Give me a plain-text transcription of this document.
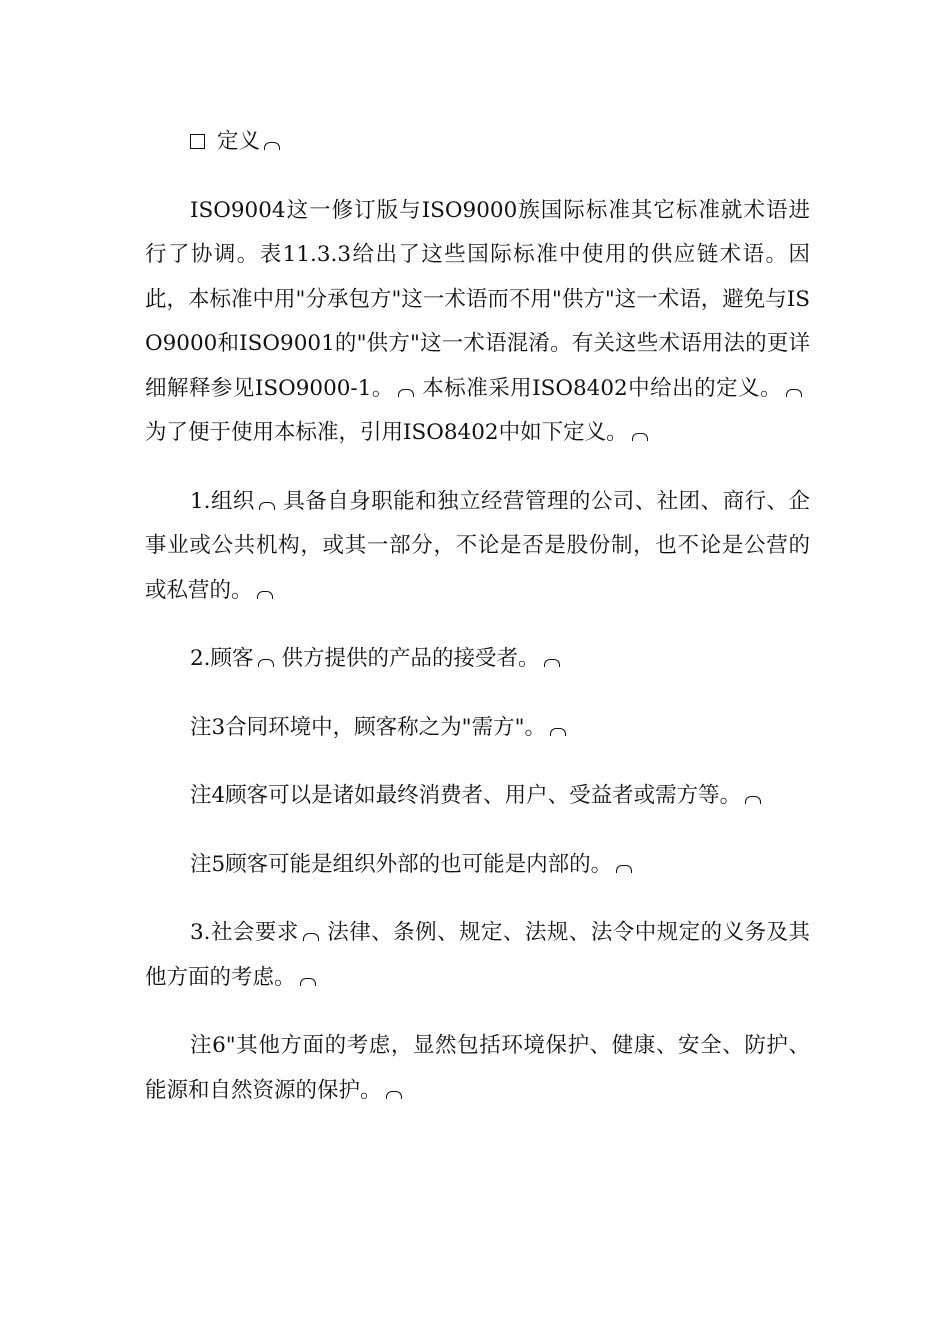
定义

ISO9004这一修订版与ISO9000族国际标准其它标准就术语进行了协调。表11.3.3给出了这些国际标准中使用的供应链术语。因此，本标准中用"分承包方"这一术语而不用"供方"这一术语，避免与ISO9000和ISO9001的"供方"这一术语混淆。有关这些术语用法的更详细解释参见ISO9000-1。 本标准采用ISO8402中给出的定义。为了便于使用本标准，引用ISO8402中如下定义。

1.组织 具备自身职能和独立经营管理的公司、社团、商行、企事业或公共机构，或其一部分，不论是否是股份制，也不论是公营的或私营的。

2.顾客 供方提供的产品的接受者。

注3合同环境中，顾客称之为"需方"。

注4顾客可以是诸如最终消费者、用户、受益者或需方等。

注5顾客可能是组织外部的也可能是内部的。

3.社会要求 法律、条例、规定、法规、法令中规定的义务及其他方面的考虑。

注6"其他方面的考虑，显然包括环境保护、健康、安全、防护、能源和自然资源的保护。
